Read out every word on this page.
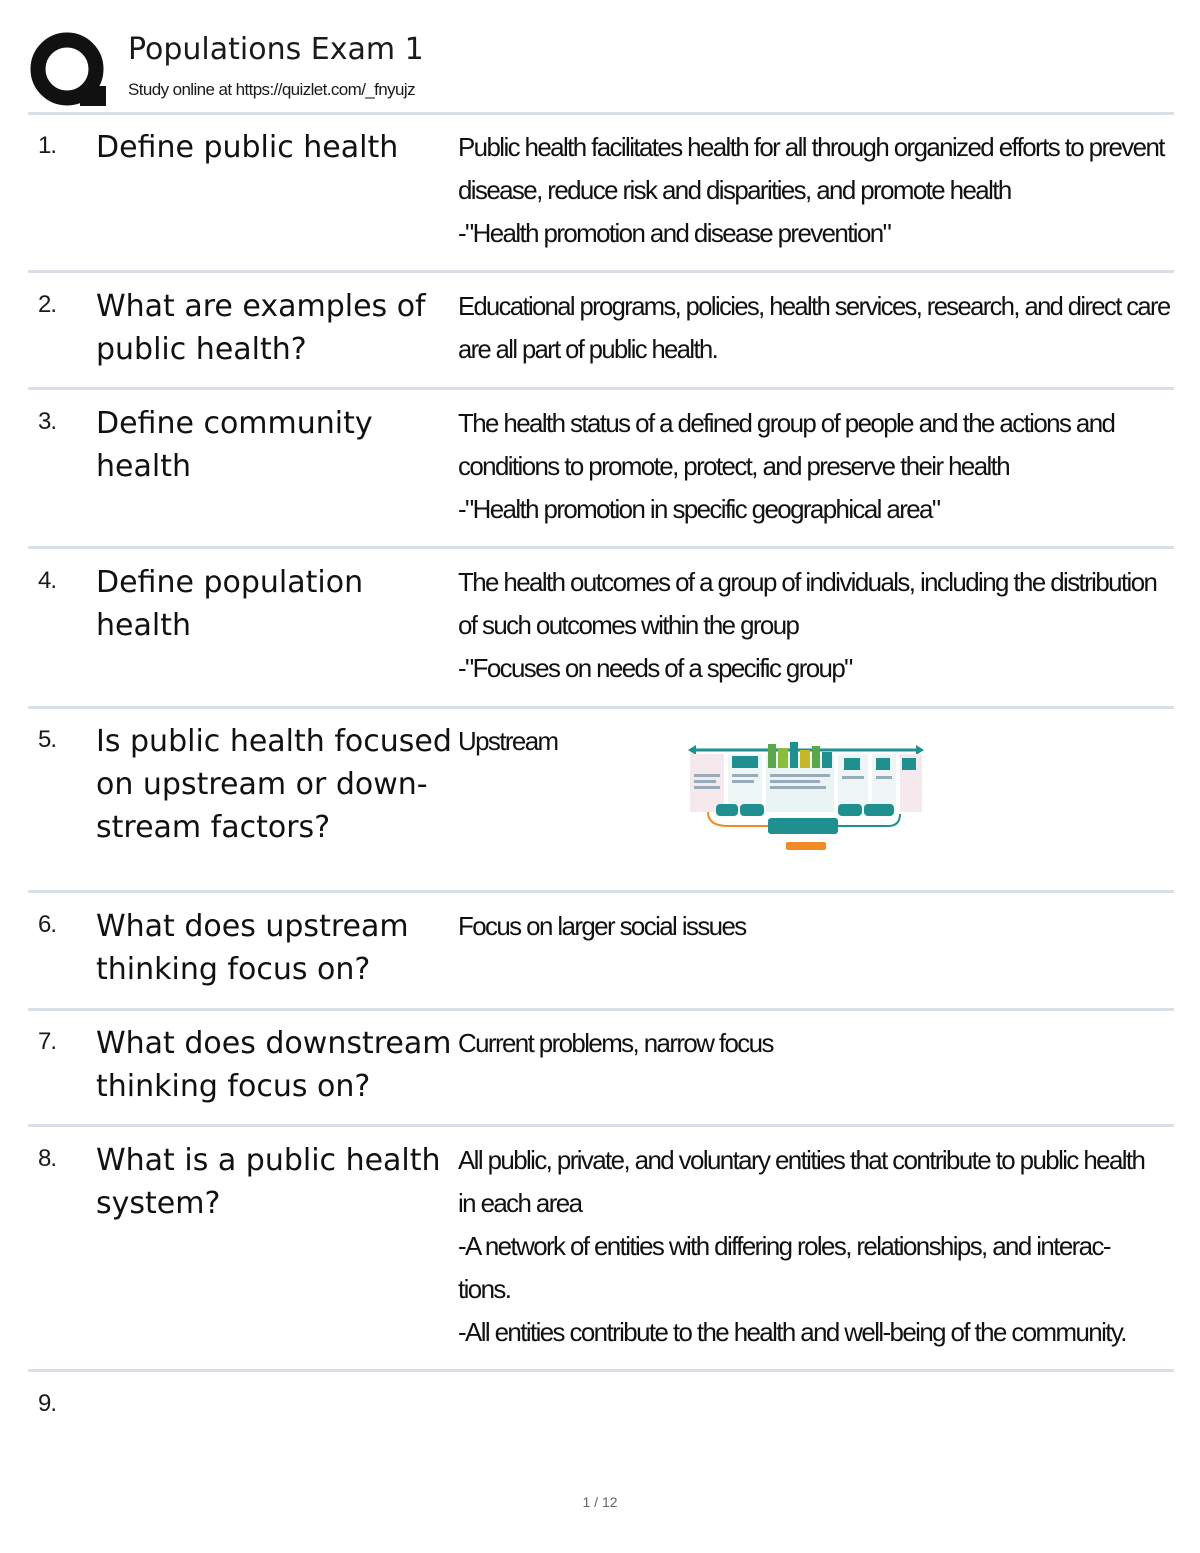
Populations Exam 1
Study online at https://quizlet.com/_fnyujz
1. Define public health	Public health facilitates health for all through organized efforts to prevent
disease, reduce risk and disparities, and promote health
-"Health promotion and disease prevention"
2. What are examples of public health?
Educational programs, policies, health services, research, and direct care
are all part of public health.
3. Define community health
The health status of a defined group of people and the actions and
conditions to promote, protect, and preserve their health
-"Health promotion in specific geographical area"
4. Define population health
The health outcomes of a group of individuals, including the distribution
of such outcomes within the group
-"Focuses on needs of a specific group"
5. Is public health focused on upstream or down-stream factors?
Upstream
6. What does upstream thinking focus on?
Focus on larger social issues
7. What does downstream thinking focus on?
Current problems, narrow focus
8. What is a public health system?
All public, private, and voluntary entities that contribute to public health
in each area
-A network of entities with differing roles, relationships, and interac-
tions.
-All entities contribute to the health and well-being of the community.
9.
1 / 12
